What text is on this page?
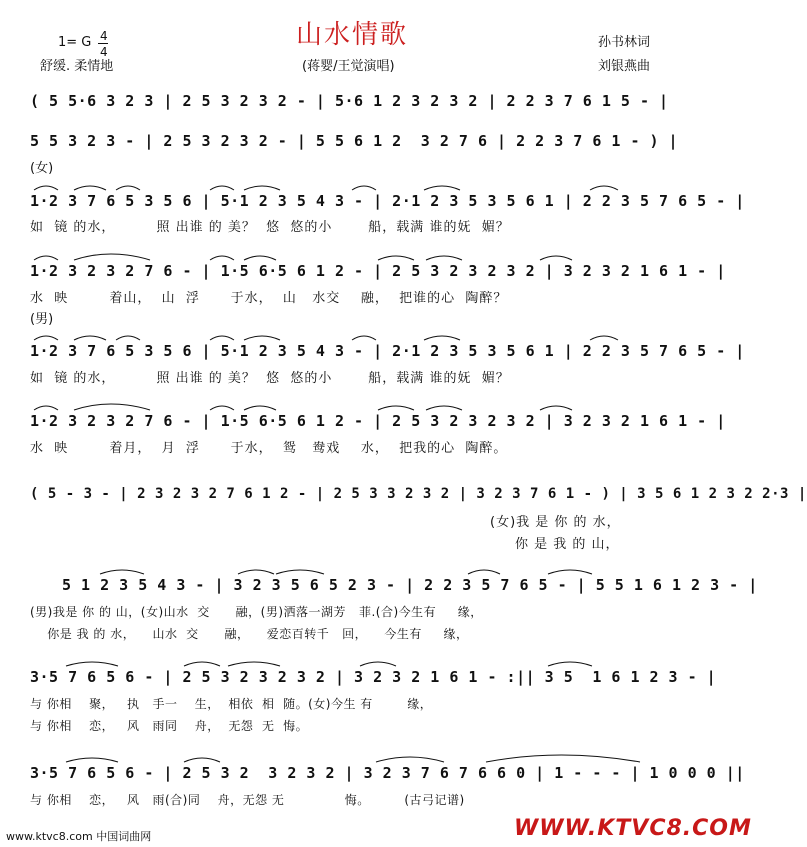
1= G 4
4
山水情歌	孙书林词
舒缓. 柔情地	(蒋婴/王觉演唱)	刘银燕曲
( 5 5·6 3 2 3 | 2 5 3 2 3 2 - | 5·6 1 2 3 2 3 2 | 2 2 3 7 6 1 5 - |
5 5 3 2 3 - | 2 5 3 2 3 2 - | 5 5 6 1 2  3 2 7 6 | 2 2 3 7 6 1 - ) |
(女)
1·2 3 7 6 5 3 5 6 | 5·1 2 3 5 4 3 - | 2·1 2 3 5 3 5 6 1 | 2 2 3 5 7 6 5 - |
如  镜 的水，        照 出谁 的 美？  悠  悠的小       船，载满 谁的妩  媚？
1·2 3 2 3 2 7 6 - | 1·5 6·5 6 1 2 - | 2 5 3 2 3 2 3 2 | 3 2 3 2 1 6 1 - |
水  映        着山，  山  浮      于水，  山   水交    融，  把谁的心  陶醉？
(男)
1·2 3 7 6 5 3 5 6 | 5·1 2 3 5 4 3 - | 2·1 2 3 5 3 5 6 1 | 2 2 3 5 7 6 5 - |
如  镜 的水，        照 出谁 的 美？  悠  悠的小       船，载满 谁的妩  媚？
1·2 3 2 3 2 7 6 - | 1·5 6·5 6 1 2 - | 2 5 3 2 3 2 3 2 | 3 2 3 2 1 6 1 - |
水  映        着月，  月  浮      于水，  鸳   鸯戏    水，  把我的心  陶醉。
( 5 - 3 - | 2 3 2 3 2 7 6 1 2 - | 2 5 3 3 2 3 2 | 3 2 3 7 6 1 - ) | 3 5 6 1 2 3 2 2·3 |
(女)我 是 你 的 水，
你 是 我 的 山，
5 1 2 3 5 4 3 - | 3 2 3 5 6 5 2 3 - | 2 2 3 5 7 6 5 - | 5 5 1 6 1 2 3 - |
(男)我是 你 的 山，(女)山水  交      融，(男)洒落一湖芳   菲.(合)今生有     缘，
你是 我 的 水，    山水  交      融，    爱恋百转千   回，    今生有     缘，
3·5 7 6 5 6 - | 2 5 3 2 3 2 3 2 | 3 2 3 2 1 6 1 - :|| 3 5  1 6 1 2 3 - |
与 你相    聚，   执   手一    生，  相依  相  随。(女)今生 有        缘，
与 你相    恋，   风   雨同    舟，  无怨  无  悔。
3·5 7 6 5 6 - | 2 5 3 2  3 2 3 2 | 3 2 3 7 6 7 6 6 0 | 1 - - - | 1 0 0 0 ||
与 你相    恋，   风   雨(合)同    舟，无怨 无              悔。        (古弓记谱)
www.ktvc8.com 中国词曲网	WWW.KTVC8.COM
